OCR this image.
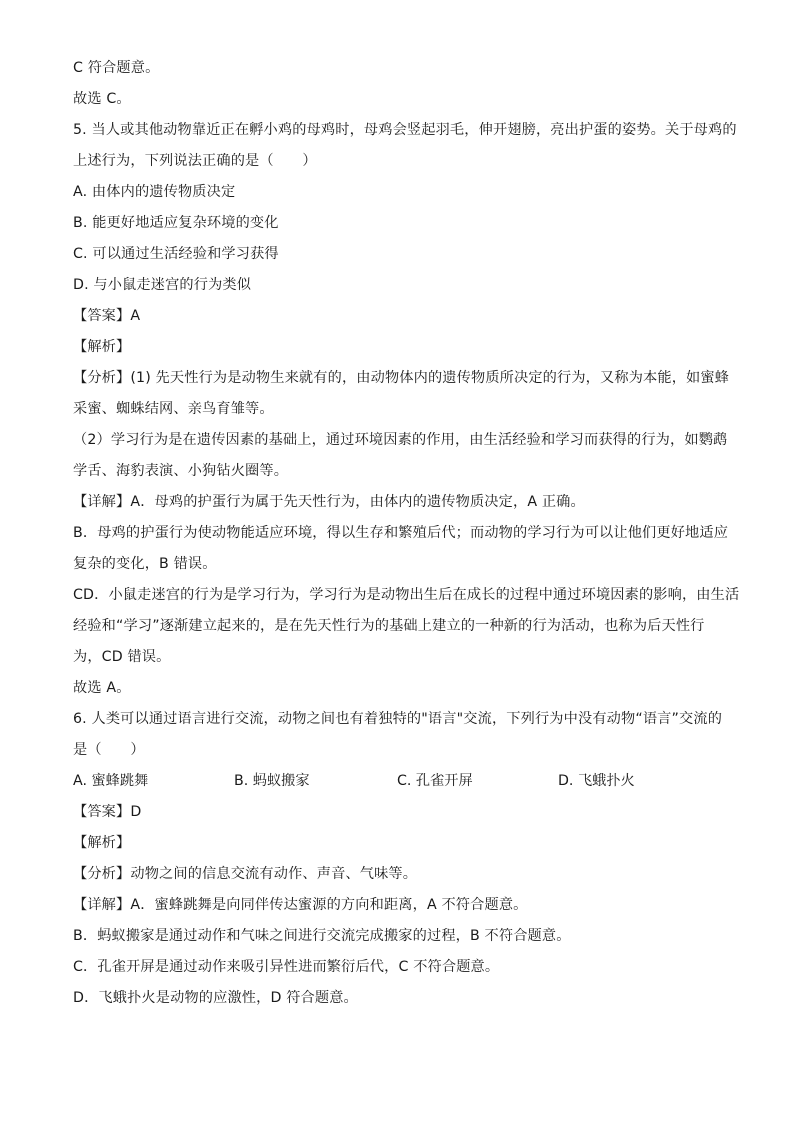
C 符合题意。

故选 C。

5. 当人或其他动物靠近正在孵小鸡的母鸡时，母鸡会竖起羽毛，伸开翅膀，亮出护蛋的姿势。关于母鸡的

上述行为，下列说法正确的是（　　）

A. 由体内的遗传物质决定

B. 能更好地适应复杂环境的变化

C. 可以通过生活经验和学习获得

D. 与小鼠走迷宫的行为类似

【答案】A

【解析】

【分析】(1) 先天性行为是动物生来就有的，由动物体内的遗传物质所决定的行为，又称为本能，如蜜蜂

采蜜、蜘蛛结网、亲鸟育雏等。

（2）学习行为是在遗传因素的基础上，通过环境因素的作用，由生活经验和学习而获得的行为，如鹦鹉

学舌、海豹表演、小狗钻火圈等。

【详解】A．母鸡的护蛋行为属于先天性行为，由体内的遗传物质决定，A 正确。

B．母鸡的护蛋行为使动物能适应环境，得以生存和繁殖后代；而动物的学习行为可以让他们更好地适应

复杂的变化，B 错误。

CD．小鼠走迷宫的行为是学习行为，学习行为是动物出生后在成长的过程中通过环境因素的影响，由生活

经验和“学习”逐渐建立起来的，是在先天性行为的基础上建立的一种新的行为活动，也称为后天性行

为，CD 错误。

故选 A。

6. 人类可以通过语言进行交流，动物之间也有着独特的"语言"交流，下列行为中没有动物“语言”交流的

是（　　）

A. 蜜蜂跳舞	B. 蚂蚁搬家	C. 孔雀开屏	D. 飞蛾扑火

【答案】D

【解析】

【分析】动物之间的信息交流有动作、声音、气味等。

【详解】A．蜜蜂跳舞是向同伴传达蜜源的方向和距离，A 不符合题意。

B．蚂蚁搬家是通过动作和气味之间进行交流完成搬家的过程，B 不符合题意。

C．孔雀开屏是通过动作来吸引异性进而繁衍后代，C 不符合题意。

D．飞蛾扑火是动物的应激性，D 符合题意。
